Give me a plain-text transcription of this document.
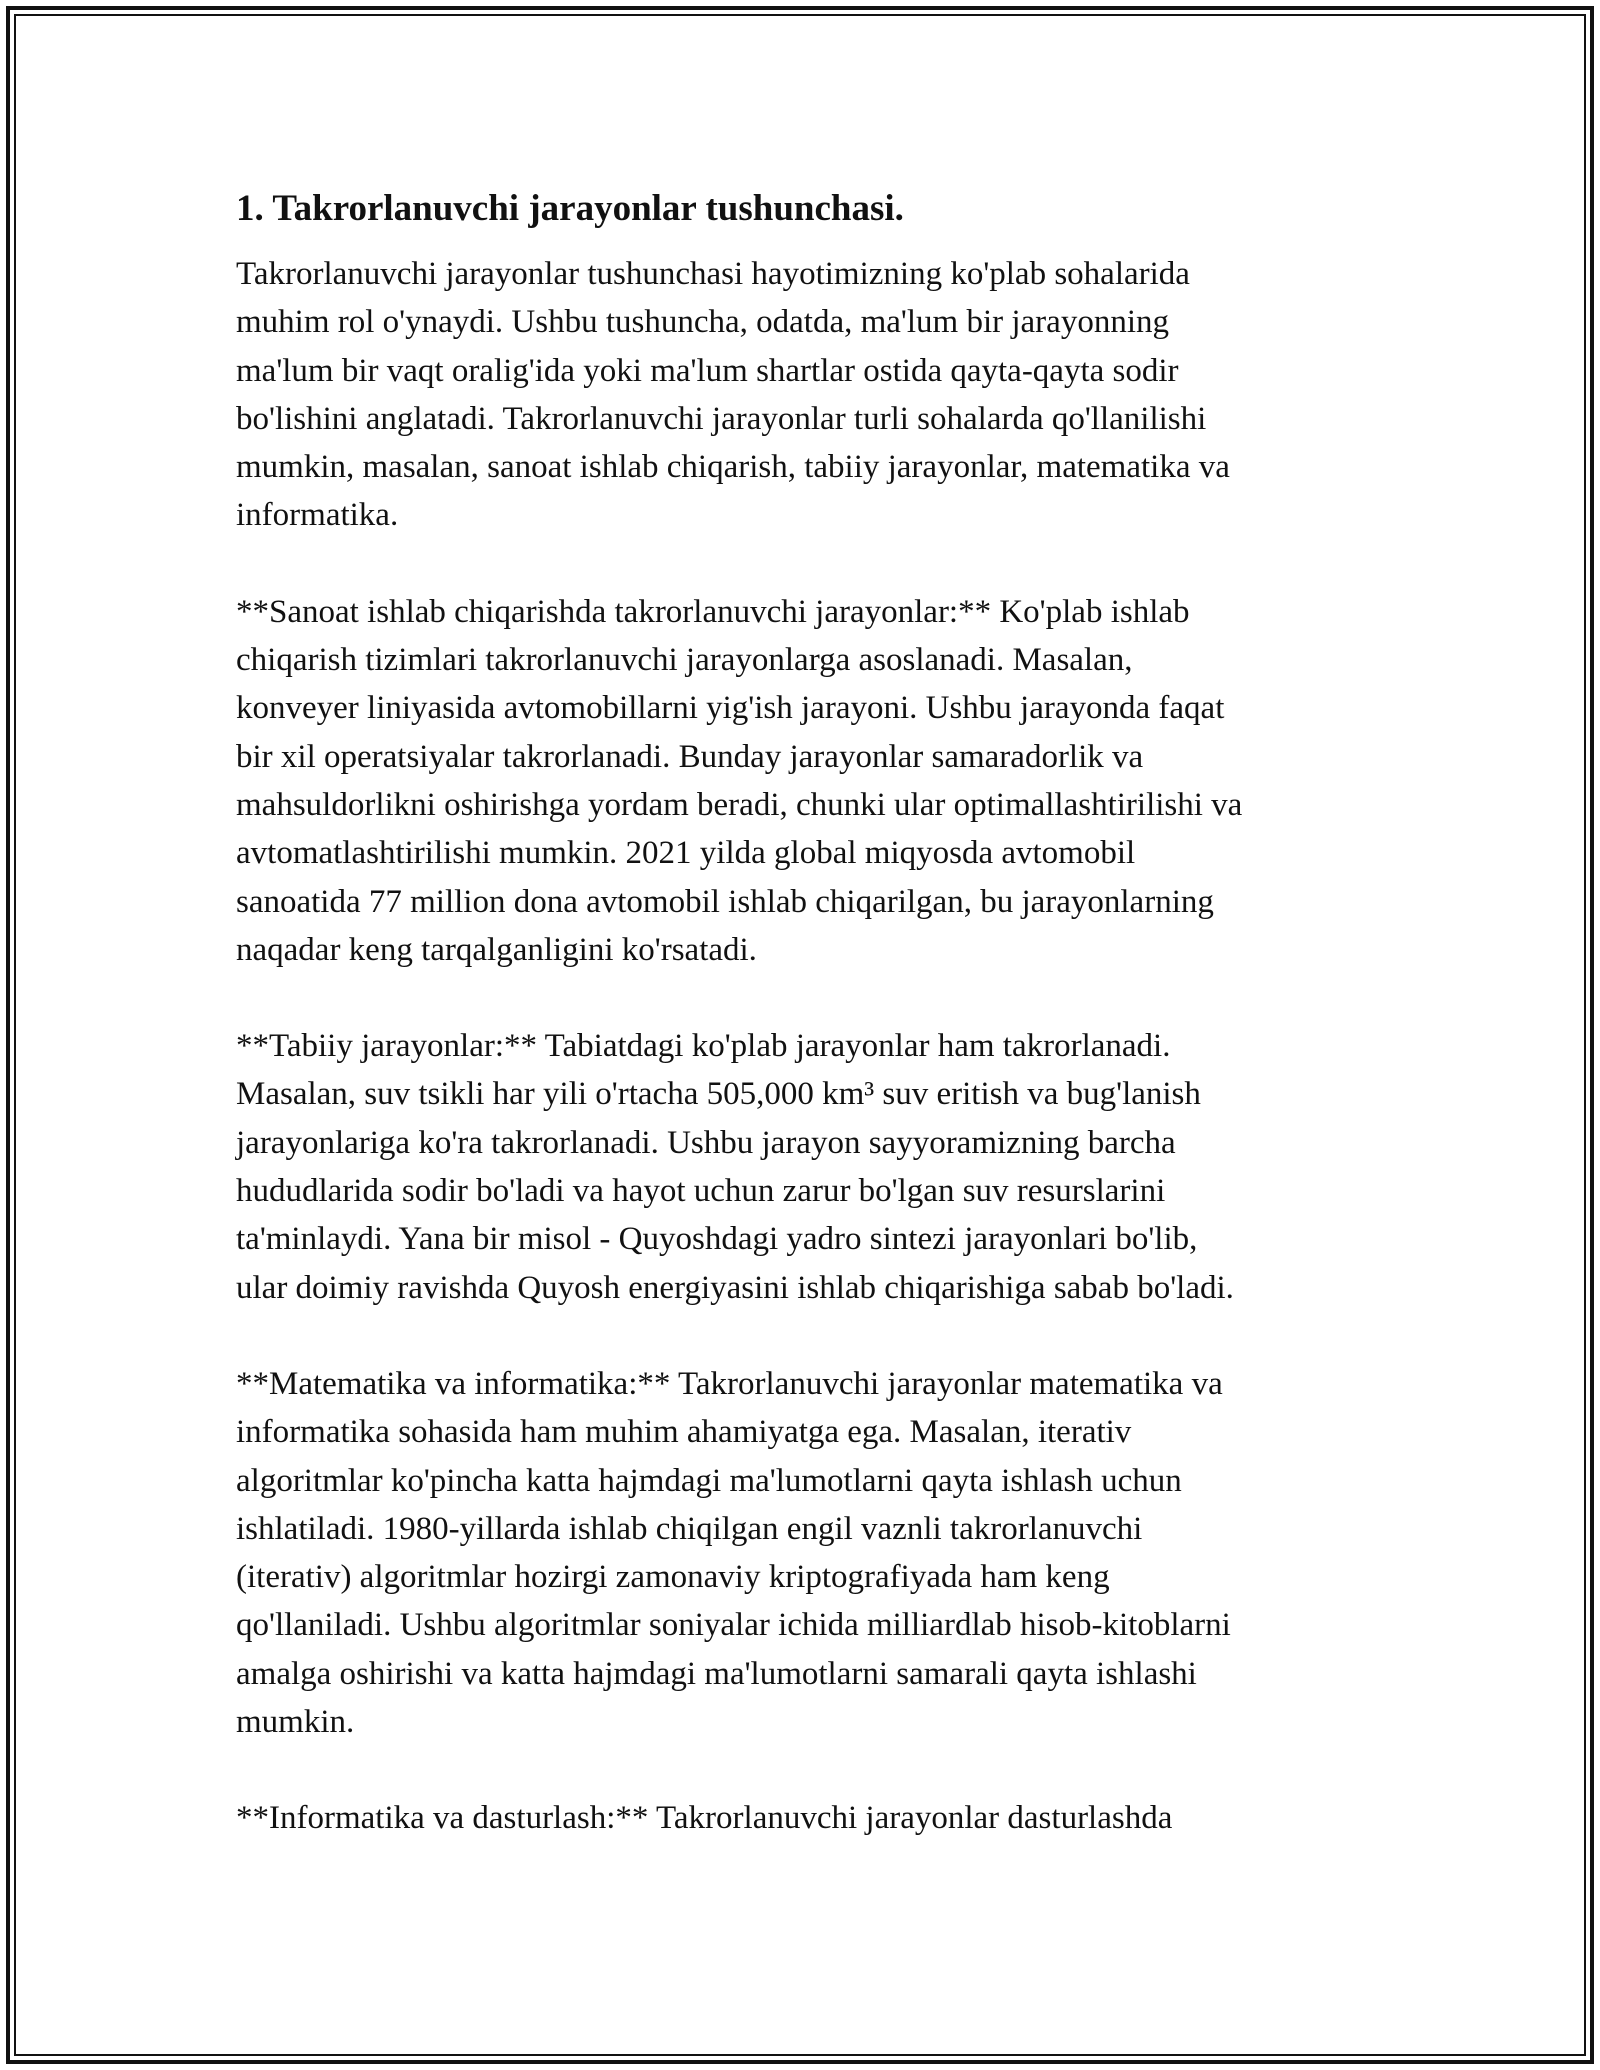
1. Takrorlanuvchi jarayonlar tushunchasi.

Takrorlanuvchi jarayonlar tushunchasi hayotimizning ko'plab sohalarida
muhim rol o'ynaydi. Ushbu tushuncha, odatda, ma'lum bir jarayonning
ma'lum bir vaqt oralig'ida yoki ma'lum shartlar ostida qayta-qayta sodir
bo'lishini anglatadi. Takrorlanuvchi jarayonlar turli sohalarda qo'llanilishi
mumkin, masalan, sanoat ishlab chiqarish, tabiiy jarayonlar, matematika va
informatika.

**Sanoat ishlab chiqarishda takrorlanuvchi jarayonlar:** Ko'plab ishlab
chiqarish tizimlari takrorlanuvchi jarayonlarga asoslanadi. Masalan,
konveyer liniyasida avtomobillarni yig'ish jarayoni. Ushbu jarayonda faqat
bir xil operatsiyalar takrorlanadi. Bunday jarayonlar samaradorlik va
mahsuldorlikni oshirishga yordam beradi, chunki ular optimallashtirilishi va
avtomatlashtirilishi mumkin. 2021 yilda global miqyosda avtomobil
sanoatida 77 million dona avtomobil ishlab chiqarilgan, bu jarayonlarning
naqadar keng tarqalganligini ko'rsatadi.

**Tabiiy jarayonlar:** Tabiatdagi ko'plab jarayonlar ham takrorlanadi.
Masalan, suv tsikli har yili o'rtacha 505,000 km³ suv eritish va bug'lanish
jarayonlariga ko'ra takrorlanadi. Ushbu jarayon sayyoramizning barcha
hududlarida sodir bo'ladi va hayot uchun zarur bo'lgan suv resurslarini
ta'minlaydi. Yana bir misol - Quyoshdagi yadro sintezi jarayonlari bo'lib,
ular doimiy ravishda Quyosh energiyasini ishlab chiqarishiga sabab bo'ladi.

**Matematika va informatika:** Takrorlanuvchi jarayonlar matematika va
informatika sohasida ham muhim ahamiyatga ega. Masalan, iterativ
algoritmlar ko'pincha katta hajmdagi ma'lumotlarni qayta ishlash uchun
ishlatiladi. 1980-yillarda ishlab chiqilgan engil vaznli takrorlanuvchi
(iterativ) algoritmlar hozirgi zamonaviy kriptografiyada ham keng
qo'llaniladi. Ushbu algoritmlar soniyalar ichida milliardlab hisob-kitoblarni
amalga oshirishi va katta hajmdagi ma'lumotlarni samarali qayta ishlashi
mumkin.

**Informatika va dasturlash:** Takrorlanuvchi jarayonlar dasturlashda
